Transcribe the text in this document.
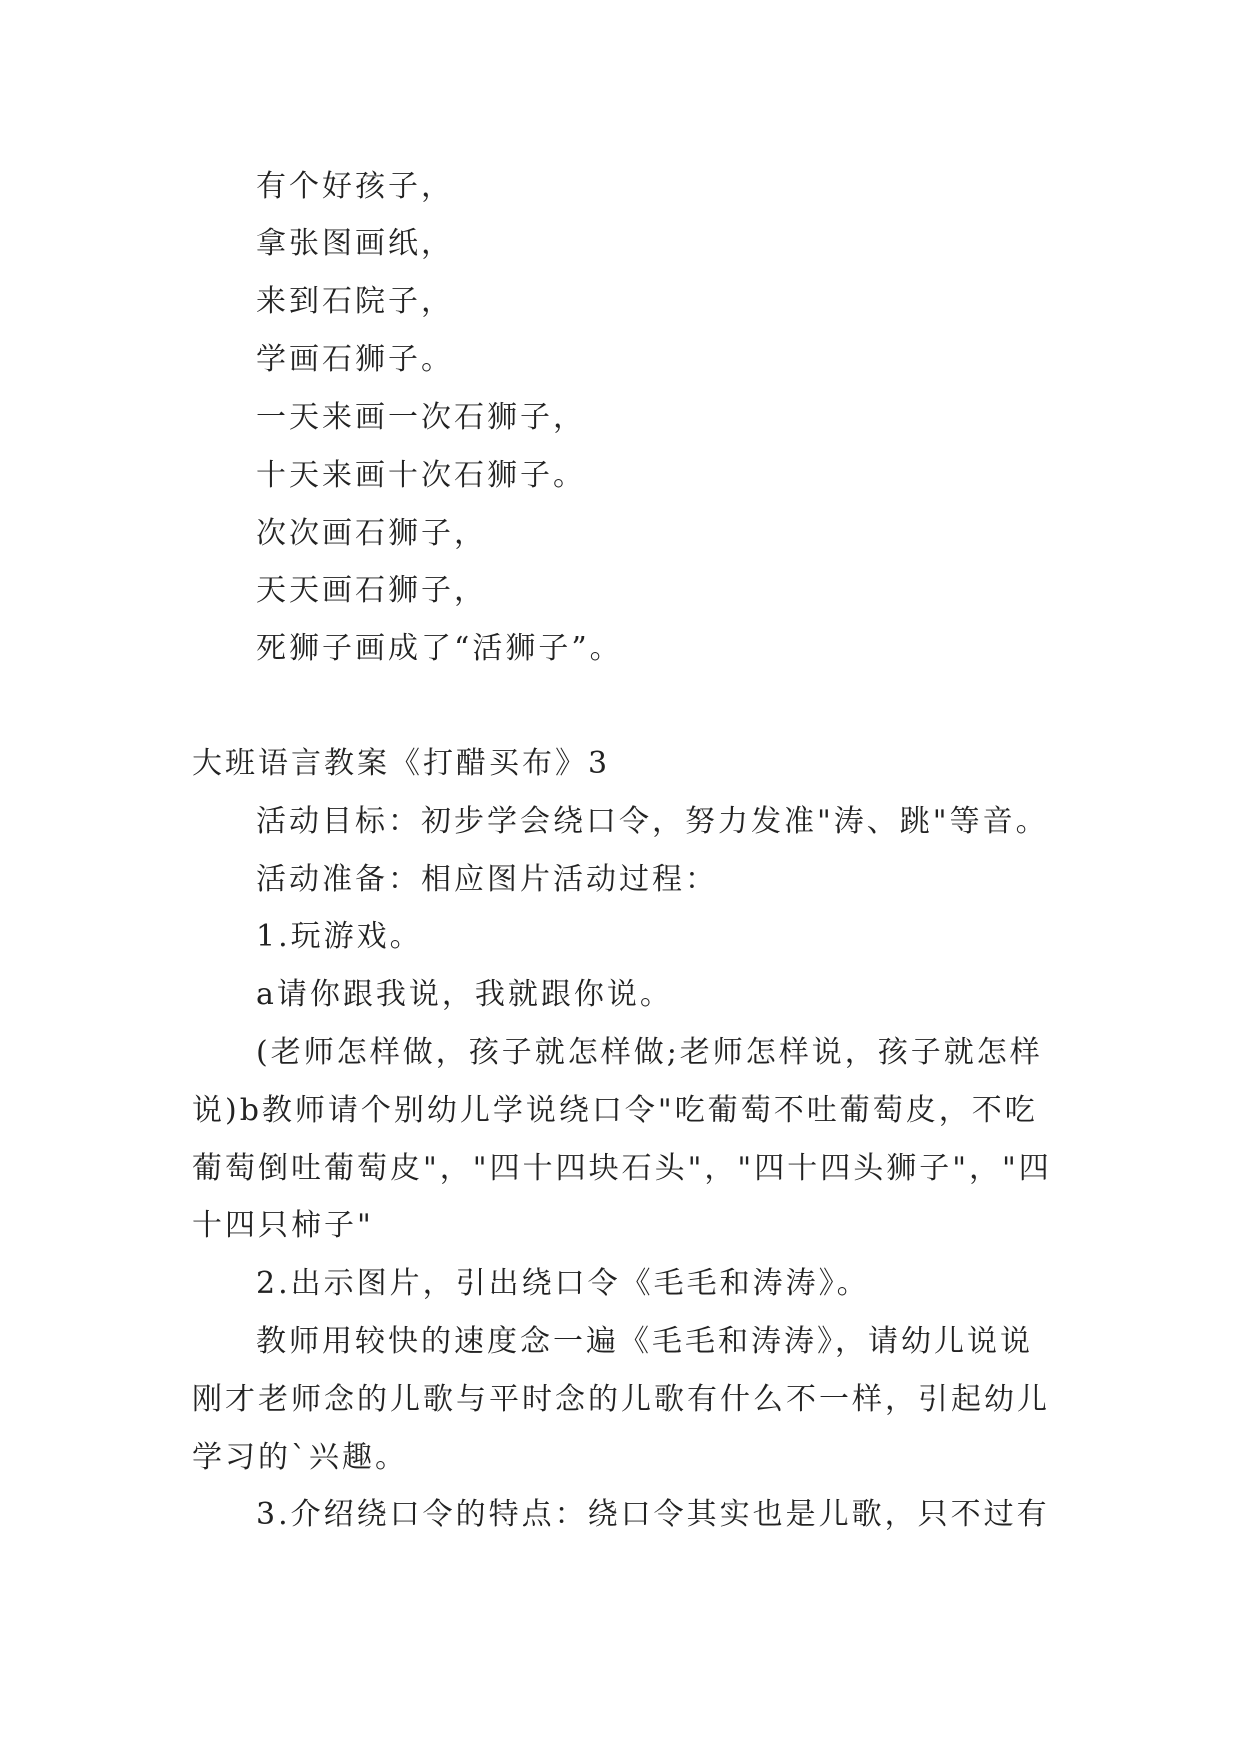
有个好孩子，
拿张图画纸，
来到石院子，
学画石狮子。
一天来画一次石狮子，
十天来画十次石狮子。
次次画石狮子，
天天画石狮子，
死狮子画成了“活狮子”。
大班语言教案《打醋买布》3
活动目标：初步学会绕口令，努力发准"涛、跳"等音。
活动准备：相应图片活动过程：
1.玩游戏。
a请你跟我说，我就跟你说。
(老师怎样做，孩子就怎样做;老师怎样说，孩子就怎样
说)b教师请个别幼儿学说绕口令"吃葡萄不吐葡萄皮，不吃
葡萄倒吐葡萄皮"，"四十四块石头"，"四十四头狮子"，"四
十四只柿子"
2.出示图片，引出绕口令《毛毛和涛涛》。
教师用较快的速度念一遍《毛毛和涛涛》，请幼儿说说
刚才老师念的儿歌与平时念的儿歌有什么不一样，引起幼儿
学习的`兴趣。
3.介绍绕口令的特点：绕口令其实也是儿歌，只不过有
